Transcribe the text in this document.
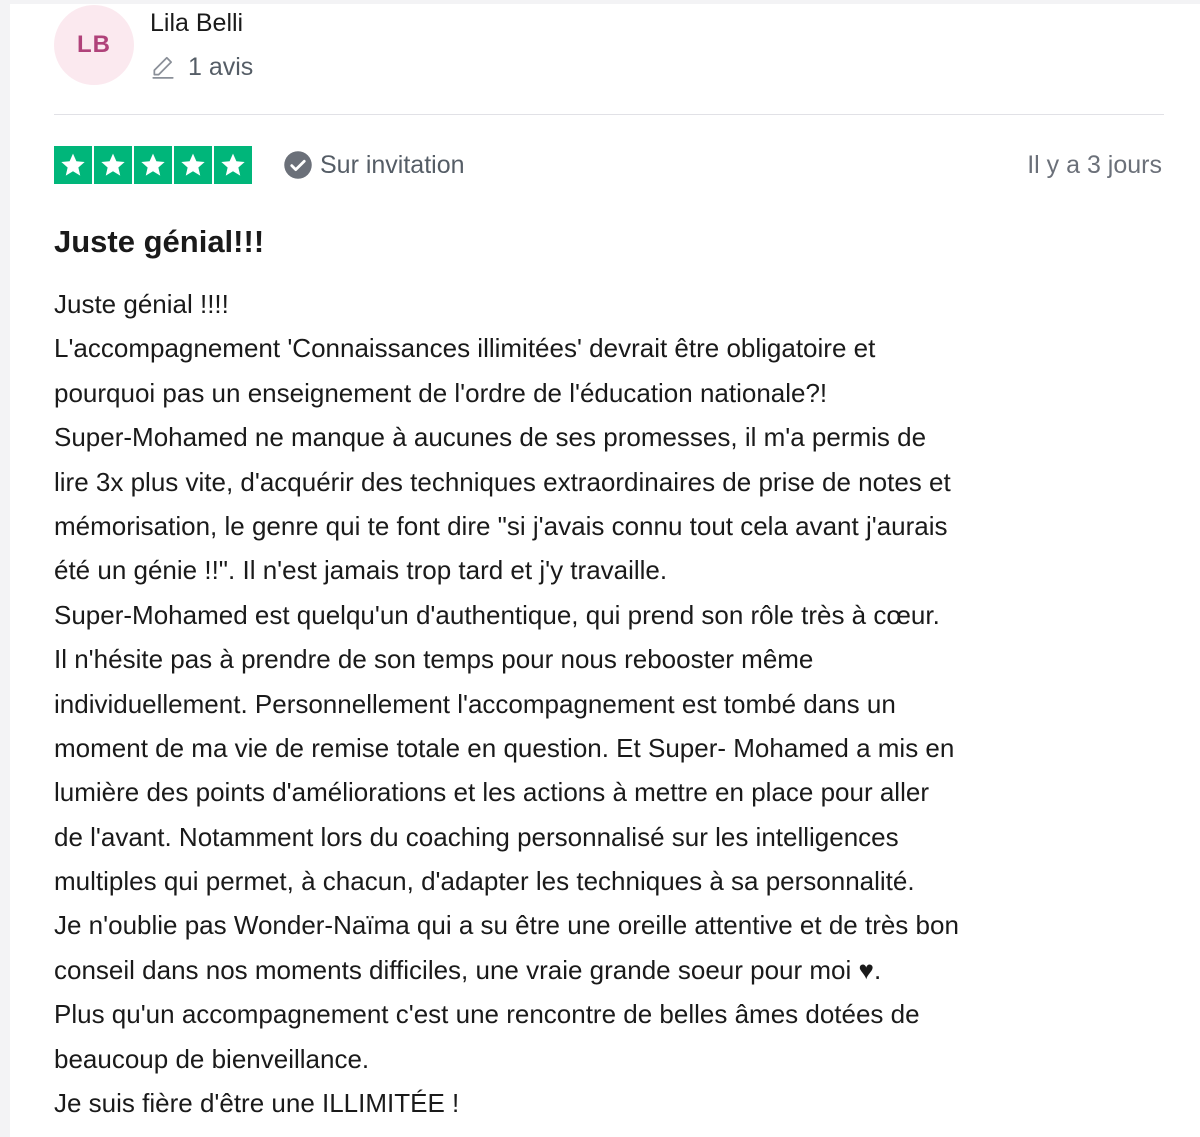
LB
Lila Belli
1 avis
Sur invitation	Il y a 3 jours
Juste génial!!!
Juste génial !!!!
L'accompagnement 'Connaissances illimitées' devrait être obligatoire et
pourquoi pas un enseignement de l'ordre de l'éducation nationale?!
Super-Mohamed ne manque à aucunes de ses promesses, il m'a permis de
lire 3x plus vite, d'acquérir des techniques extraordinaires de prise de notes et
mémorisation, le genre qui te font dire "si j'avais connu tout cela avant j'aurais
été un génie !!". Il n'est jamais trop tard et j'y travaille.
Super-Mohamed est quelqu'un d'authentique, qui prend son rôle très à cœur.
Il n'hésite pas à prendre de son temps pour nous rebooster même
individuellement. Personnellement l'accompagnement est tombé dans un
moment de ma vie de remise totale en question. Et Super- Mohamed a mis en
lumière des points d'améliorations et les actions à mettre en place pour aller
de l'avant. Notamment lors du coaching personnalisé sur les intelligences
multiples qui permet, à chacun, d'adapter les techniques à sa personnalité.
Je n'oublie pas Wonder-Naïma qui a su être une oreille attentive et de très bon
conseil dans nos moments difficiles, une vraie grande soeur pour moi ♥.
Plus qu'un accompagnement c'est une rencontre de belles âmes dotées de
beaucoup de bienveillance.
Je suis fière d'être une ILLIMITÉE !
